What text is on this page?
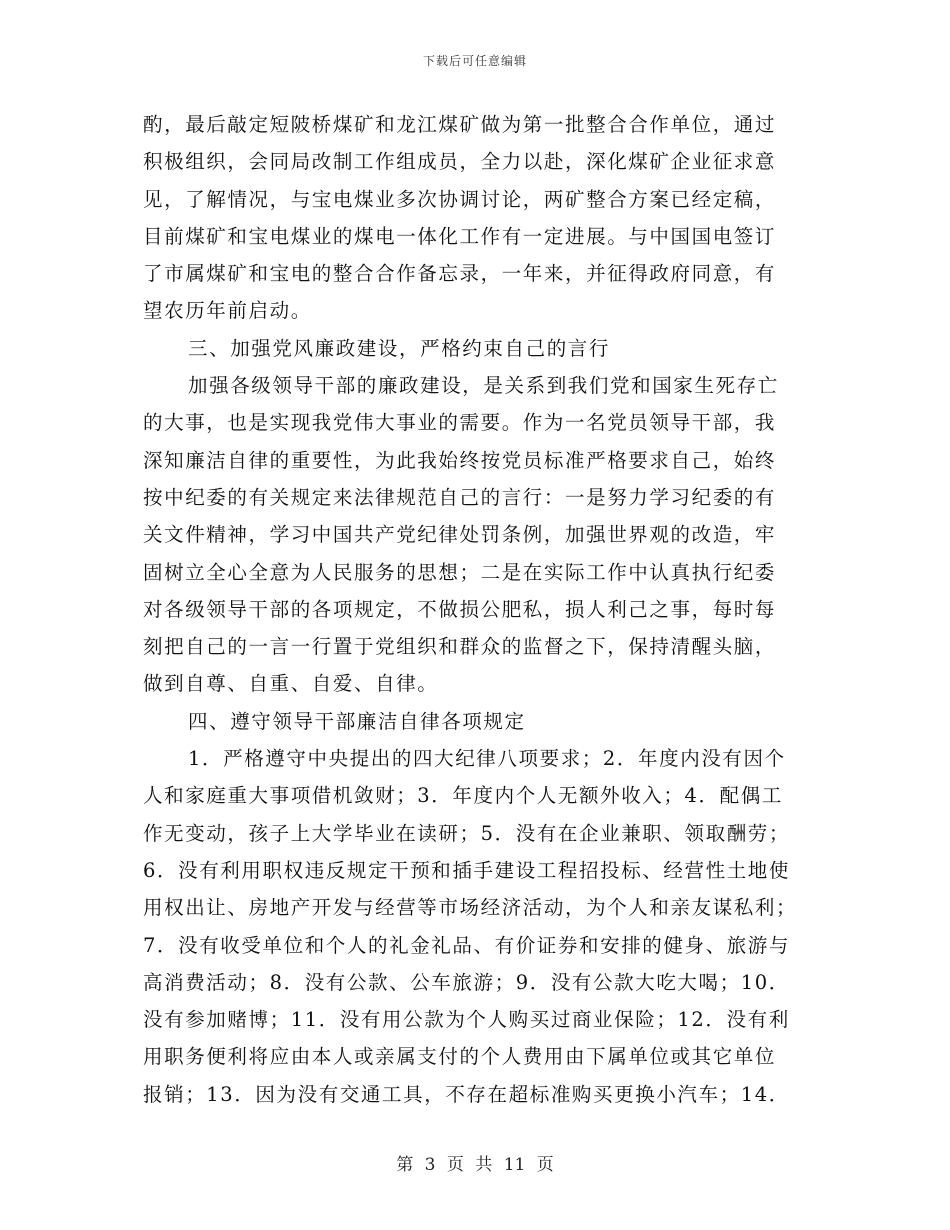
下载后可任意编辑
酌，最后敲定短陂桥煤矿和龙江煤矿做为第一批整合合作单位，通过
积极组织，会同局改制工作组成员，全力以赴，深化煤矿企业征求意
见，了解情况，与宝电煤业多次协调讨论，两矿整合方案已经定稿，
目前煤矿和宝电煤业的煤电一体化工作有一定进展。与中国国电签订
了市属煤矿和宝电的整合合作备忘录，一年来，并征得政府同意，有
望农历年前启动。
三、加强党风廉政建设，严格约束自己的言行
加强各级领导干部的廉政建设，是关系到我们党和国家生死存亡
的大事，也是实现我党伟大事业的需要。作为一名党员领导干部，我
深知廉洁自律的重要性，为此我始终按党员标准严格要求自己，始终
按中纪委的有关规定来法律规范自己的言行：一是努力学习纪委的有
关文件精神，学习中国共产党纪律处罚条例，加强世界观的改造，牢
固树立全心全意为人民服务的思想；二是在实际工作中认真执行纪委
对各级领导干部的各项规定，不做损公肥私，损人利己之事，每时每
刻把自己的一言一行置于党组织和群众的监督之下，保持清醒头脑，
做到自尊、自重、自爱、自律。
四、遵守领导干部廉洁自律各项规定
1．严格遵守中央提出的四大纪律八项要求；2．年度内没有因个
人和家庭重大事项借机敛财；3．年度内个人无额外收入；4．配偶工
作无变动，孩子上大学毕业在读研；5．没有在企业兼职、领取酬劳；
6．没有利用职权违反规定干预和插手建设工程招投标、经营性土地使
用权出让、房地产开发与经营等市场经济活动，为个人和亲友谋私利；
7．没有收受单位和个人的礼金礼品、有价证券和安排的健身、旅游与
高消费活动；8．没有公款、公车旅游；9．没有公款大吃大喝；10．
没有参加赌博；11．没有用公款为个人购买过商业保险；12．没有利
用职务便利将应由本人或亲属支付的个人费用由下属单位或其它单位
报销；13．因为没有交通工具，不存在超标准购买更换小汽车；14．
第 3 页 共 11 页
